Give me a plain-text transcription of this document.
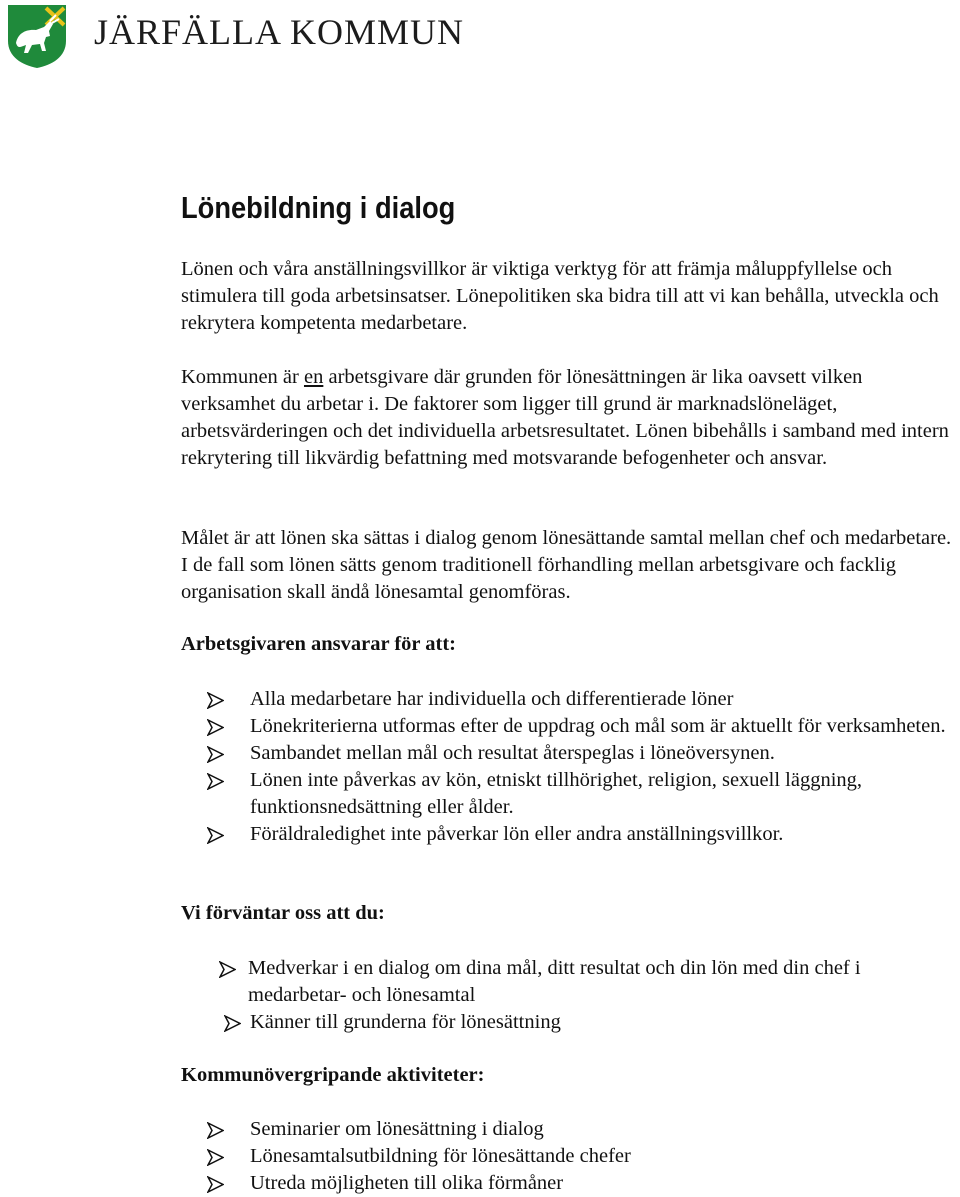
JÄRFÄLLA KOMMUN
Lönebildning i dialog

Lönen och våra anställningsvillkor är viktiga verktyg för att främja måluppfyllelse och stimulera till goda arbetsinsatser. Lönepolitiken ska bidra till att vi kan behålla, utveckla och rekrytera kompetenta medarbetare.

Kommunen är en arbetsgivare där grunden för lönesättningen är lika oavsett vilken verksamhet du arbetar i. De faktorer som ligger till grund är marknadslöneläget, arbetsvärderingen och det individuella arbetsresultatet. Lönen bibehålls i samband med intern rekrytering till likvärdig befattning med motsvarande befogenheter och ansvar.

Målet är att lönen ska sättas i dialog genom lönesättande samtal mellan chef och medarbetare. I de fall som lönen sätts genom traditionell förhandling mellan arbetsgivare och facklig organisation skall ändå lönesamtal genomföras.

Arbetsgivaren ansvarar för att:
Alla medarbetare har individuella och differentierade löner
Lönekriterierna utformas efter de uppdrag och mål som är aktuellt för verksamheten.
Sambandet mellan mål och resultat återspeglas i löneöversynen.
Lönen inte påverkas av kön, etniskt tillhörighet, religion, sexuell läggning, funktionsnedsättning eller ålder.
Föräldraledighet inte påverkar lön eller andra anställningsvillkor.
Vi förväntar oss att du:
Medverkar i en dialog om dina mål, ditt resultat och din lön med din chef i medarbetar- och lönesamtal
Känner till grunderna för lönesättning
Kommunövergripande aktiviteter:
Seminarier om lönesättning i dialog
Lönesamtalsutbildning för lönesättande chefer
Utreda möjligheten till olika förmåner
